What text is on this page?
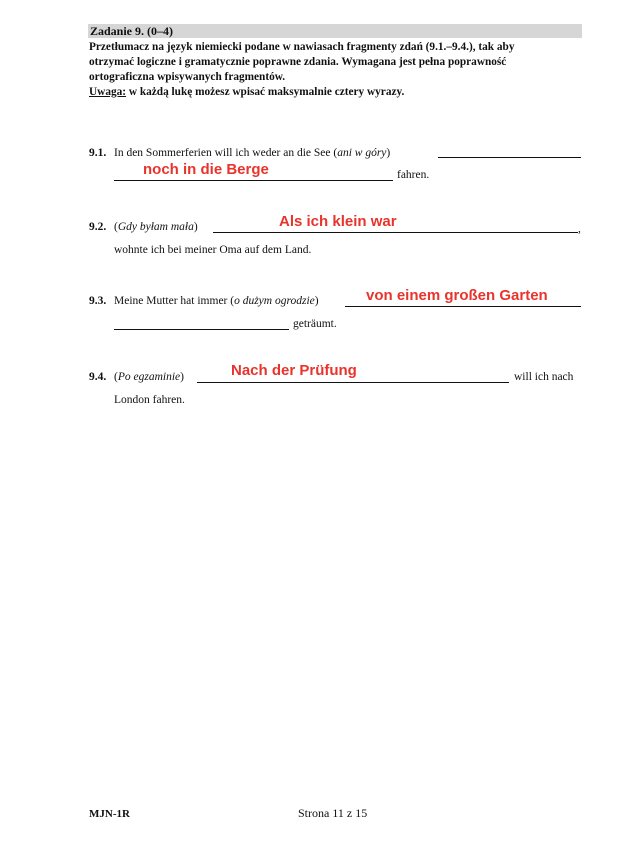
Zadanie 9. (0–4)
Przetłumacz na język niemiecki podane w nawiasach fragmenty zdań (9.1.–9.4.), tak aby
otrzymać logiczne i gramatycznie poprawne zdania. Wymagana jest pełna poprawność
ortograficzna wpisywanych fragmentów.
Uwaga: w każdą lukę możesz wpisać maksymalnie cztery wyrazy.
9.1. In den Sommerferien will ich weder an die See (ani w góry)
noch in die Berge	fahren.
9.2. (Gdy byłam mała)	Als ich klein war	,
wohnte ich bei meiner Oma auf dem Land.
9.3. Meine Mutter hat immer (o dużym ogrodzie)	von einem großen Garten
geträumt.
9.4. (Po egzaminie)	Nach der Prüfung	will ich nach
London fahren.
MJN-1R	Strona 11 z 15
